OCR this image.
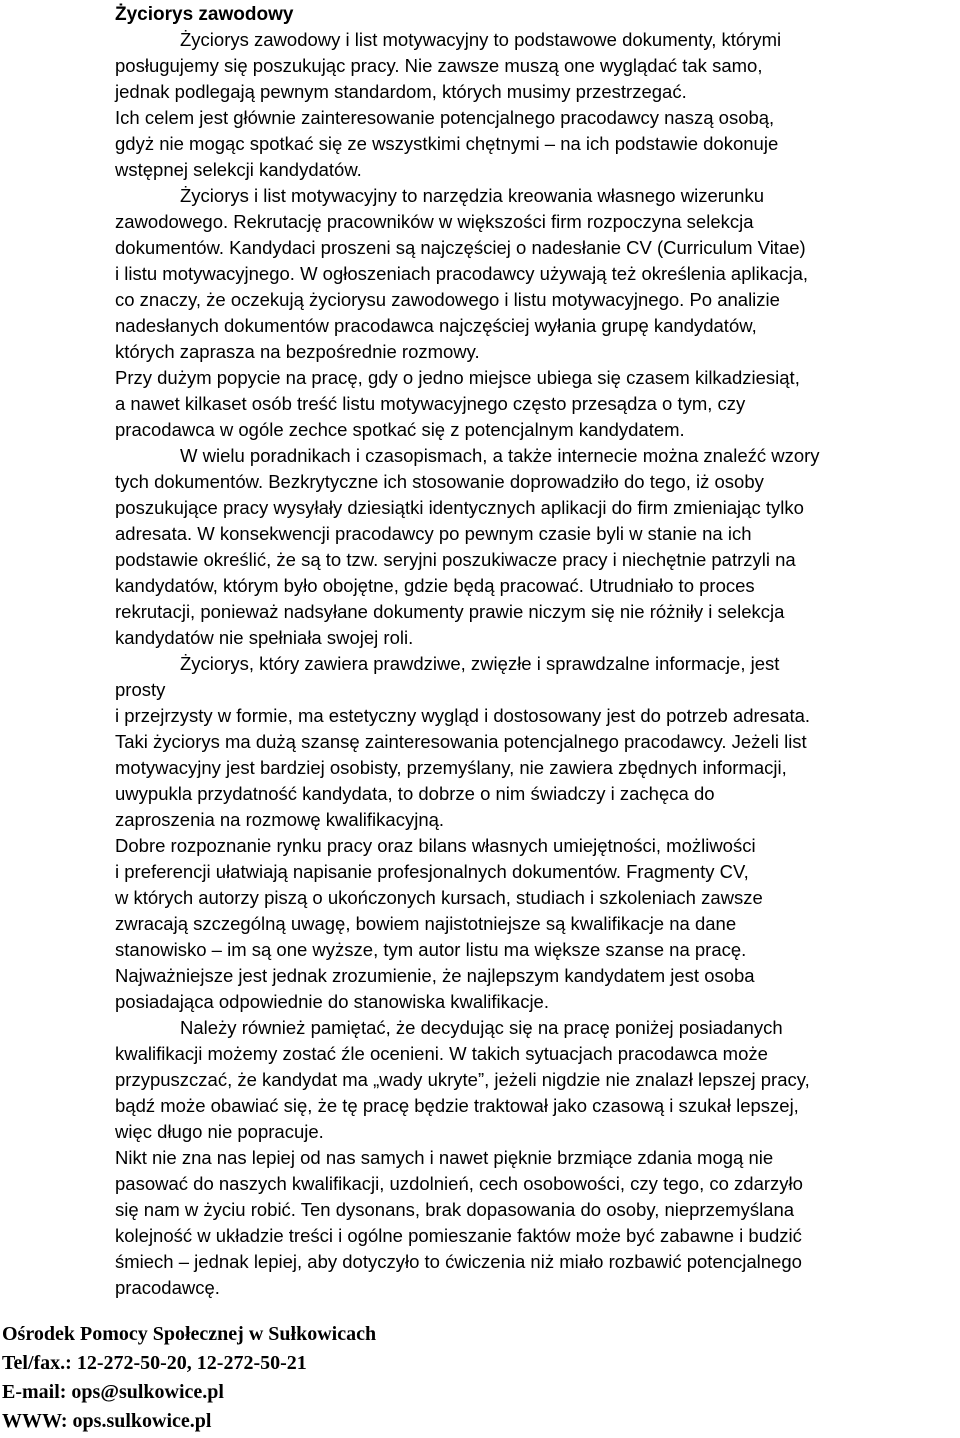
Życiorys zawodowy
Życiorys zawodowy i list motywacyjny to podstawowe dokumenty, którymi
posługujemy się poszukując pracy. Nie zawsze muszą one wyglądać tak samo,
jednak podlegają pewnym standardom, których musimy przestrzegać.
Ich celem jest głównie zainteresowanie potencjalnego pracodawcy naszą osobą,
gdyż nie mogąc spotkać się ze wszystkimi chętnymi – na ich podstawie dokonuje
wstępnej selekcji kandydatów.
Życiorys i list motywacyjny to narzędzia kreowania własnego wizerunku
zawodowego. Rekrutację pracowników w większości firm rozpoczyna selekcja
dokumentów. Kandydaci proszeni są najczęściej o nadesłanie CV (Curriculum Vitae)
i listu motywacyjnego. W ogłoszeniach pracodawcy używają też określenia aplikacja,
co znaczy, że oczekują życiorysu zawodowego i listu motywacyjnego. Po analizie
nadesłanych dokumentów pracodawca najczęściej wyłania grupę kandydatów,
których zaprasza na bezpośrednie rozmowy.
Przy dużym popycie na pracę, gdy o jedno miejsce ubiega się czasem kilkadziesiąt,
a nawet kilkaset osób treść listu motywacyjnego często przesądza o tym, czy
pracodawca w ogóle zechce spotkać się z potencjalnym kandydatem.
W wielu poradnikach i czasopismach, a także internecie można znaleźć wzory
tych dokumentów. Bezkrytyczne ich stosowanie doprowadziło do tego, iż osoby
poszukujące pracy wysyłały dziesiątki identycznych aplikacji do firm zmieniając tylko
adresata. W konsekwencji pracodawcy po pewnym czasie byli w stanie na ich
podstawie określić, że są to tzw. seryjni poszukiwacze pracy i niechętnie patrzyli na
kandydatów, którym było obojętne, gdzie będą pracować. Utrudniało to proces
rekrutacji, ponieważ nadsyłane dokumenty prawie niczym się nie różniły i selekcja
kandydatów nie spełniała swojej roli.
Życiorys, który zawiera prawdziwe, zwięzłe i sprawdzalne informacje, jest
prosty
i przejrzysty w formie, ma estetyczny wygląd i dostosowany jest do potrzeb adresata.
Taki życiorys ma dużą szansę zainteresowania potencjalnego pracodawcy. Jeżeli list
motywacyjny jest bardziej osobisty, przemyślany, nie zawiera zbędnych informacji,
uwypukla przydatność kandydata, to dobrze o nim świadczy i zachęca do
zaproszenia na rozmowę kwalifikacyjną.
Dobre rozpoznanie rynku pracy oraz bilans własnych umiejętności, możliwości
i preferencji ułatwiają napisanie profesjonalnych dokumentów. Fragmenty CV,
w których autorzy piszą o ukończonych kursach, studiach i szkoleniach zawsze
zwracają szczególną uwagę, bowiem najistotniejsze są kwalifikacje na dane
stanowisko – im są one wyższe, tym autor listu ma większe szanse na pracę.
Najważniejsze jest jednak zrozumienie, że najlepszym kandydatem jest osoba
posiadająca odpowiednie do stanowiska kwalifikacje.
Należy również pamiętać, że decydując się na pracę poniżej posiadanych
kwalifikacji możemy zostać źle ocenieni. W takich sytuacjach pracodawca może
przypuszczać, że kandydat ma „wady ukryte”, jeżeli nigdzie nie znalazł lepszej pracy,
bądź może obawiać się, że tę pracę będzie traktował jako czasową i szukał lepszej,
więc długo nie popracuje.
Nikt nie zna nas lepiej od nas samych i nawet pięknie brzmiące zdania mogą nie
pasować do naszych kwalifikacji, uzdolnień, cech osobowości, czy tego, co zdarzyło
się nam w życiu robić. Ten dysonans, brak dopasowania do osoby, nieprzemyślana
kolejność w układzie treści i ogólne pomieszanie faktów może być zabawne i budzić
śmiech – jednak lepiej, aby dotyczyło to ćwiczenia niż miało rozbawić potencjalnego
pracodawcę.
Ośrodek Pomocy Społecznej w Sułkowicach
Tel/fax.: 12-272-50-20, 12-272-50-21
E-mail: ops@sulkowice.pl
WWW: ops.sulkowice.pl
